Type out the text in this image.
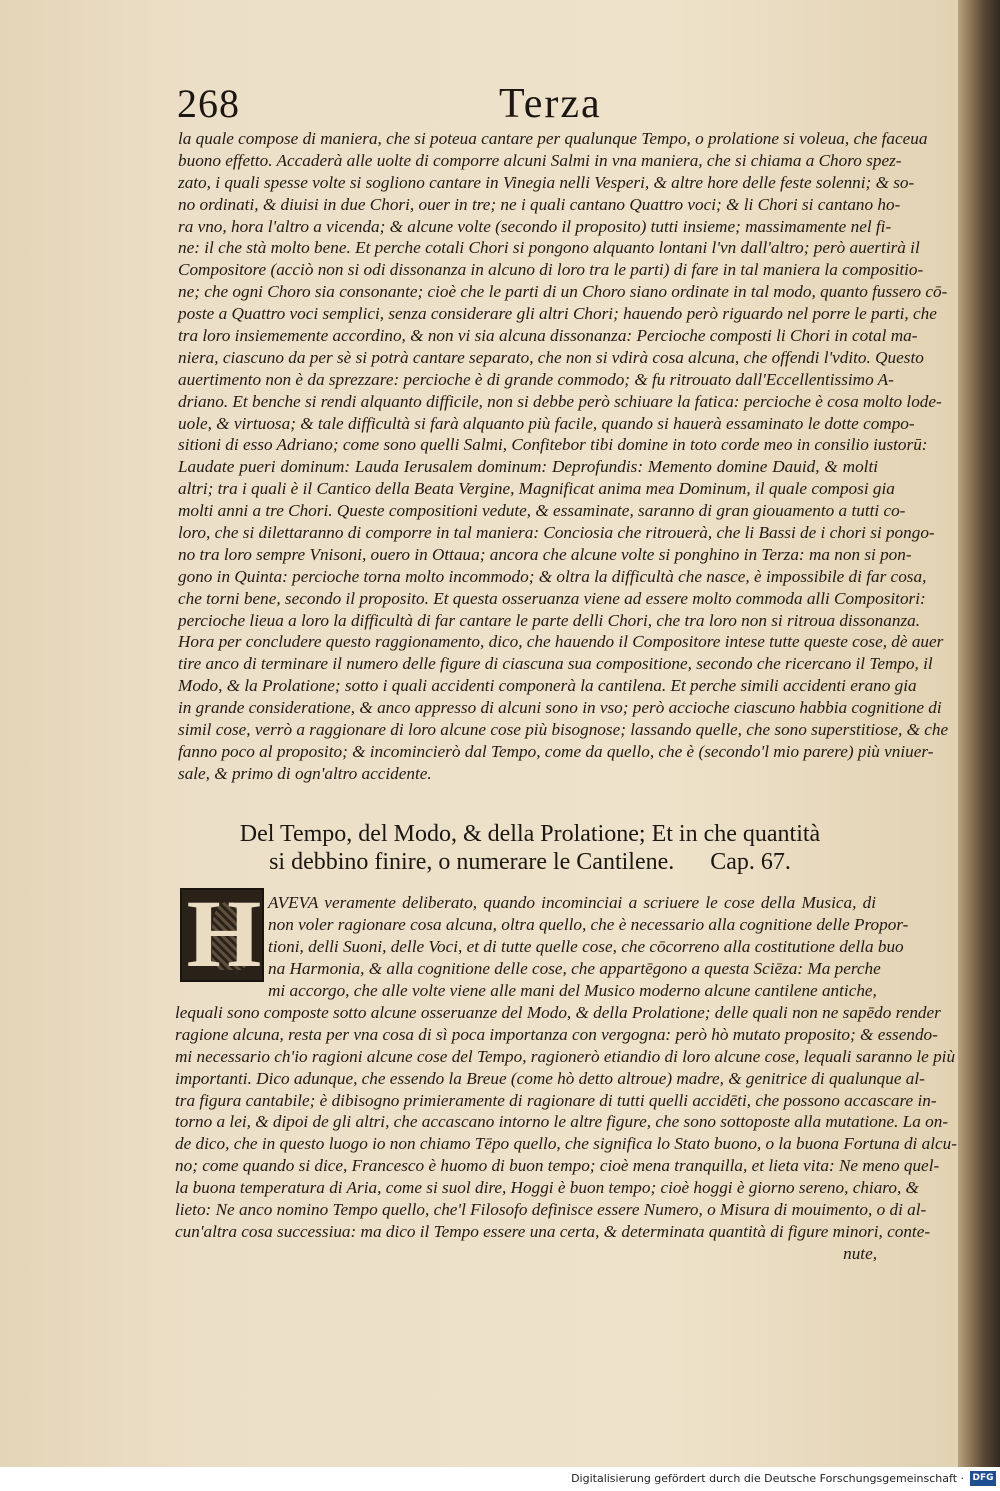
268	Terza
la quale compose di maniera, che si poteua cantare per qualunque Tempo, o prolatione si voleua, che faceua
buono effetto. Accaderà alle uolte di comporre alcuni Salmi in vna maniera, che si chiama a Choro spez-
zato, i quali spesse volte si sogliono cantare in Vinegia nelli Vesperi, & altre hore delle feste solenni; & so-
no ordinati, & diuisi in due Chori, ouer in tre; ne i quali cantano Quattro voci; & li Chori si cantano ho-
ra vno, hora l'altro a vicenda; & alcune volte (secondo il proposito) tutti insieme; massimamente nel fi-
ne: il che stà molto bene. Et perche cotali Chori si pongono alquanto lontani l'vn dall'altro; però auertirà il
Compositore (acciò non si odi dissonanza in alcuno di loro tra le parti) di fare in tal maniera la compositio-
ne; che ogni Choro sia consonante; cioè che le parti di un Choro siano ordinate in tal modo, quanto fussero cō-
poste a Quattro voci semplici, senza considerare gli altri Chori; hauendo però riguardo nel porre le parti, che
tra loro insiememente accordino, & non vi sia alcuna dissonanza: Percioche composti li Chori in cotal ma-
niera, ciascuno da per sè si potrà cantare separato, che non si vdirà cosa alcuna, che offendi l'vdito. Questo
auertimento non è da sprezzare: percioche è di grande commodo; & fu ritrouato dall'Eccellentissimo A-
driano. Et benche si rendi alquanto difficile, non si debbe però schiuare la fatica: percioche è cosa molto lode-
uole, & virtuosa; & tale difficultà si farà alquanto più facile, quando si hauerà essaminato le dotte compo-
sitioni di esso Adriano; come sono quelli Salmi, Confitebor tibi domine in toto corde meo in consilio iustorū:
Laudate pueri dominum: Lauda Ierusalem dominum: Deprofundis: Memento domine Dauid, & molti
altri; tra i quali è il Cantico della Beata Vergine, Magnificat anima mea Dominum, il quale composi gia
molti anni a tre Chori. Queste compositioni vedute, & essaminate, saranno di gran giouamento a tutti co-
loro, che si dilettaranno di comporre in tal maniera: Conciosia che ritrouerà, che li Bassi de i chori si pongo-
no tra loro sempre Vnisoni, ouero in Ottaua; ancora che alcune volte si ponghino in Terza: ma non si pon-
gono in Quinta: percioche torna molto incommodo; & oltra la difficultà che nasce, è impossibile di far cosa,
che torni bene, secondo il proposito. Et questa osseruanza viene ad essere molto commoda alli Compositori:
percioche lieua a loro la difficultà di far cantare le parte delli Chori, che tra loro non si ritroua dissonanza.
Hora per concludere questo raggionamento, dico, che hauendo il Compositore intese tutte queste cose, dè auer
tire anco di terminare il numero delle figure di ciascuna sua compositione, secondo che ricercano il Tempo, il
Modo, & la Prolatione; sotto i quali accidenti componerà la cantilena. Et perche simili accidenti erano gia
in grande consideratione, & anco appresso di alcuni sono in vso; però accioche ciascuno habbia cognitione di
simil cose, verrò a raggionare di loro alcune cose più bisognose; lassando quelle, che sono superstitiose, & che
fanno poco al proposito; & incomincierò dal Tempo, come da quello, che è (secondo'l mio parere) più vniuer-
sale, & primo di ogn'altro accidente.
Del Tempo, del Modo, & della Prolatione; Et in che quantità
si debbino finire, o numerare le Cantilene. Cap. 67.
H AVEVA veramente deliberato, quando incominciai a scriuere le cose della Musica, di
non voler ragionare cosa alcuna, oltra quello, che è necessario alla cognitione delle Propor-
tioni, delli Suoni, delle Voci, et di tutte quelle cose, che cōcorreno alla costitutione della buo
na Harmonia, & alla cognitione delle cose, che appartēgono a questa Sciēza: Ma perche
mi accorgo, che alle volte viene alle mani del Musico moderno alcune cantilene antiche,
lequali sono composte sotto alcune osseruanze del Modo, & della Prolatione; delle quali non ne sapēdo render
ragione alcuna, resta per vna cosa di sì poca importanza con vergogna: però hò mutato proposito; & essendo-
mi necessario ch'io ragioni alcune cose del Tempo, ragionerò etiandio di loro alcune cose, lequali saranno le più
importanti. Dico adunque, che essendo la Breue (come hò detto altroue) madre, & genitrice di qualunque al-
tra figura cantabile; è dibisogno primieramente di ragionare di tutti quelli accidēti, che possono accascare in-
torno a lei, & dipoi de gli altri, che accascano intorno le altre figure, che sono sottoposte alla mutatione. La on-
de dico, che in questo luogo io non chiamo Tēpo quello, che significa lo Stato buono, o la buona Fortuna di alcu-
no; come quando si dice, Francesco è huomo di buon tempo; cioè mena tranquilla, et lieta vita: Ne meno quel-
la buona temperatura di Aria, come si suol dire, Hoggi è buon tempo; cioè hoggi è giorno sereno, chiaro, &
lieto: Ne anco nomino Tempo quello, che'l Filosofo definisce essere Numero, o Misura di mouimento, o di al-
cun'altra cosa successiua: ma dico il Tempo essere una certa, & determinata quantità di figure minori, conte-
nute,
Digitalisierung gefördert durch die Deutsche Forschungsgemeinschaft · DFG
